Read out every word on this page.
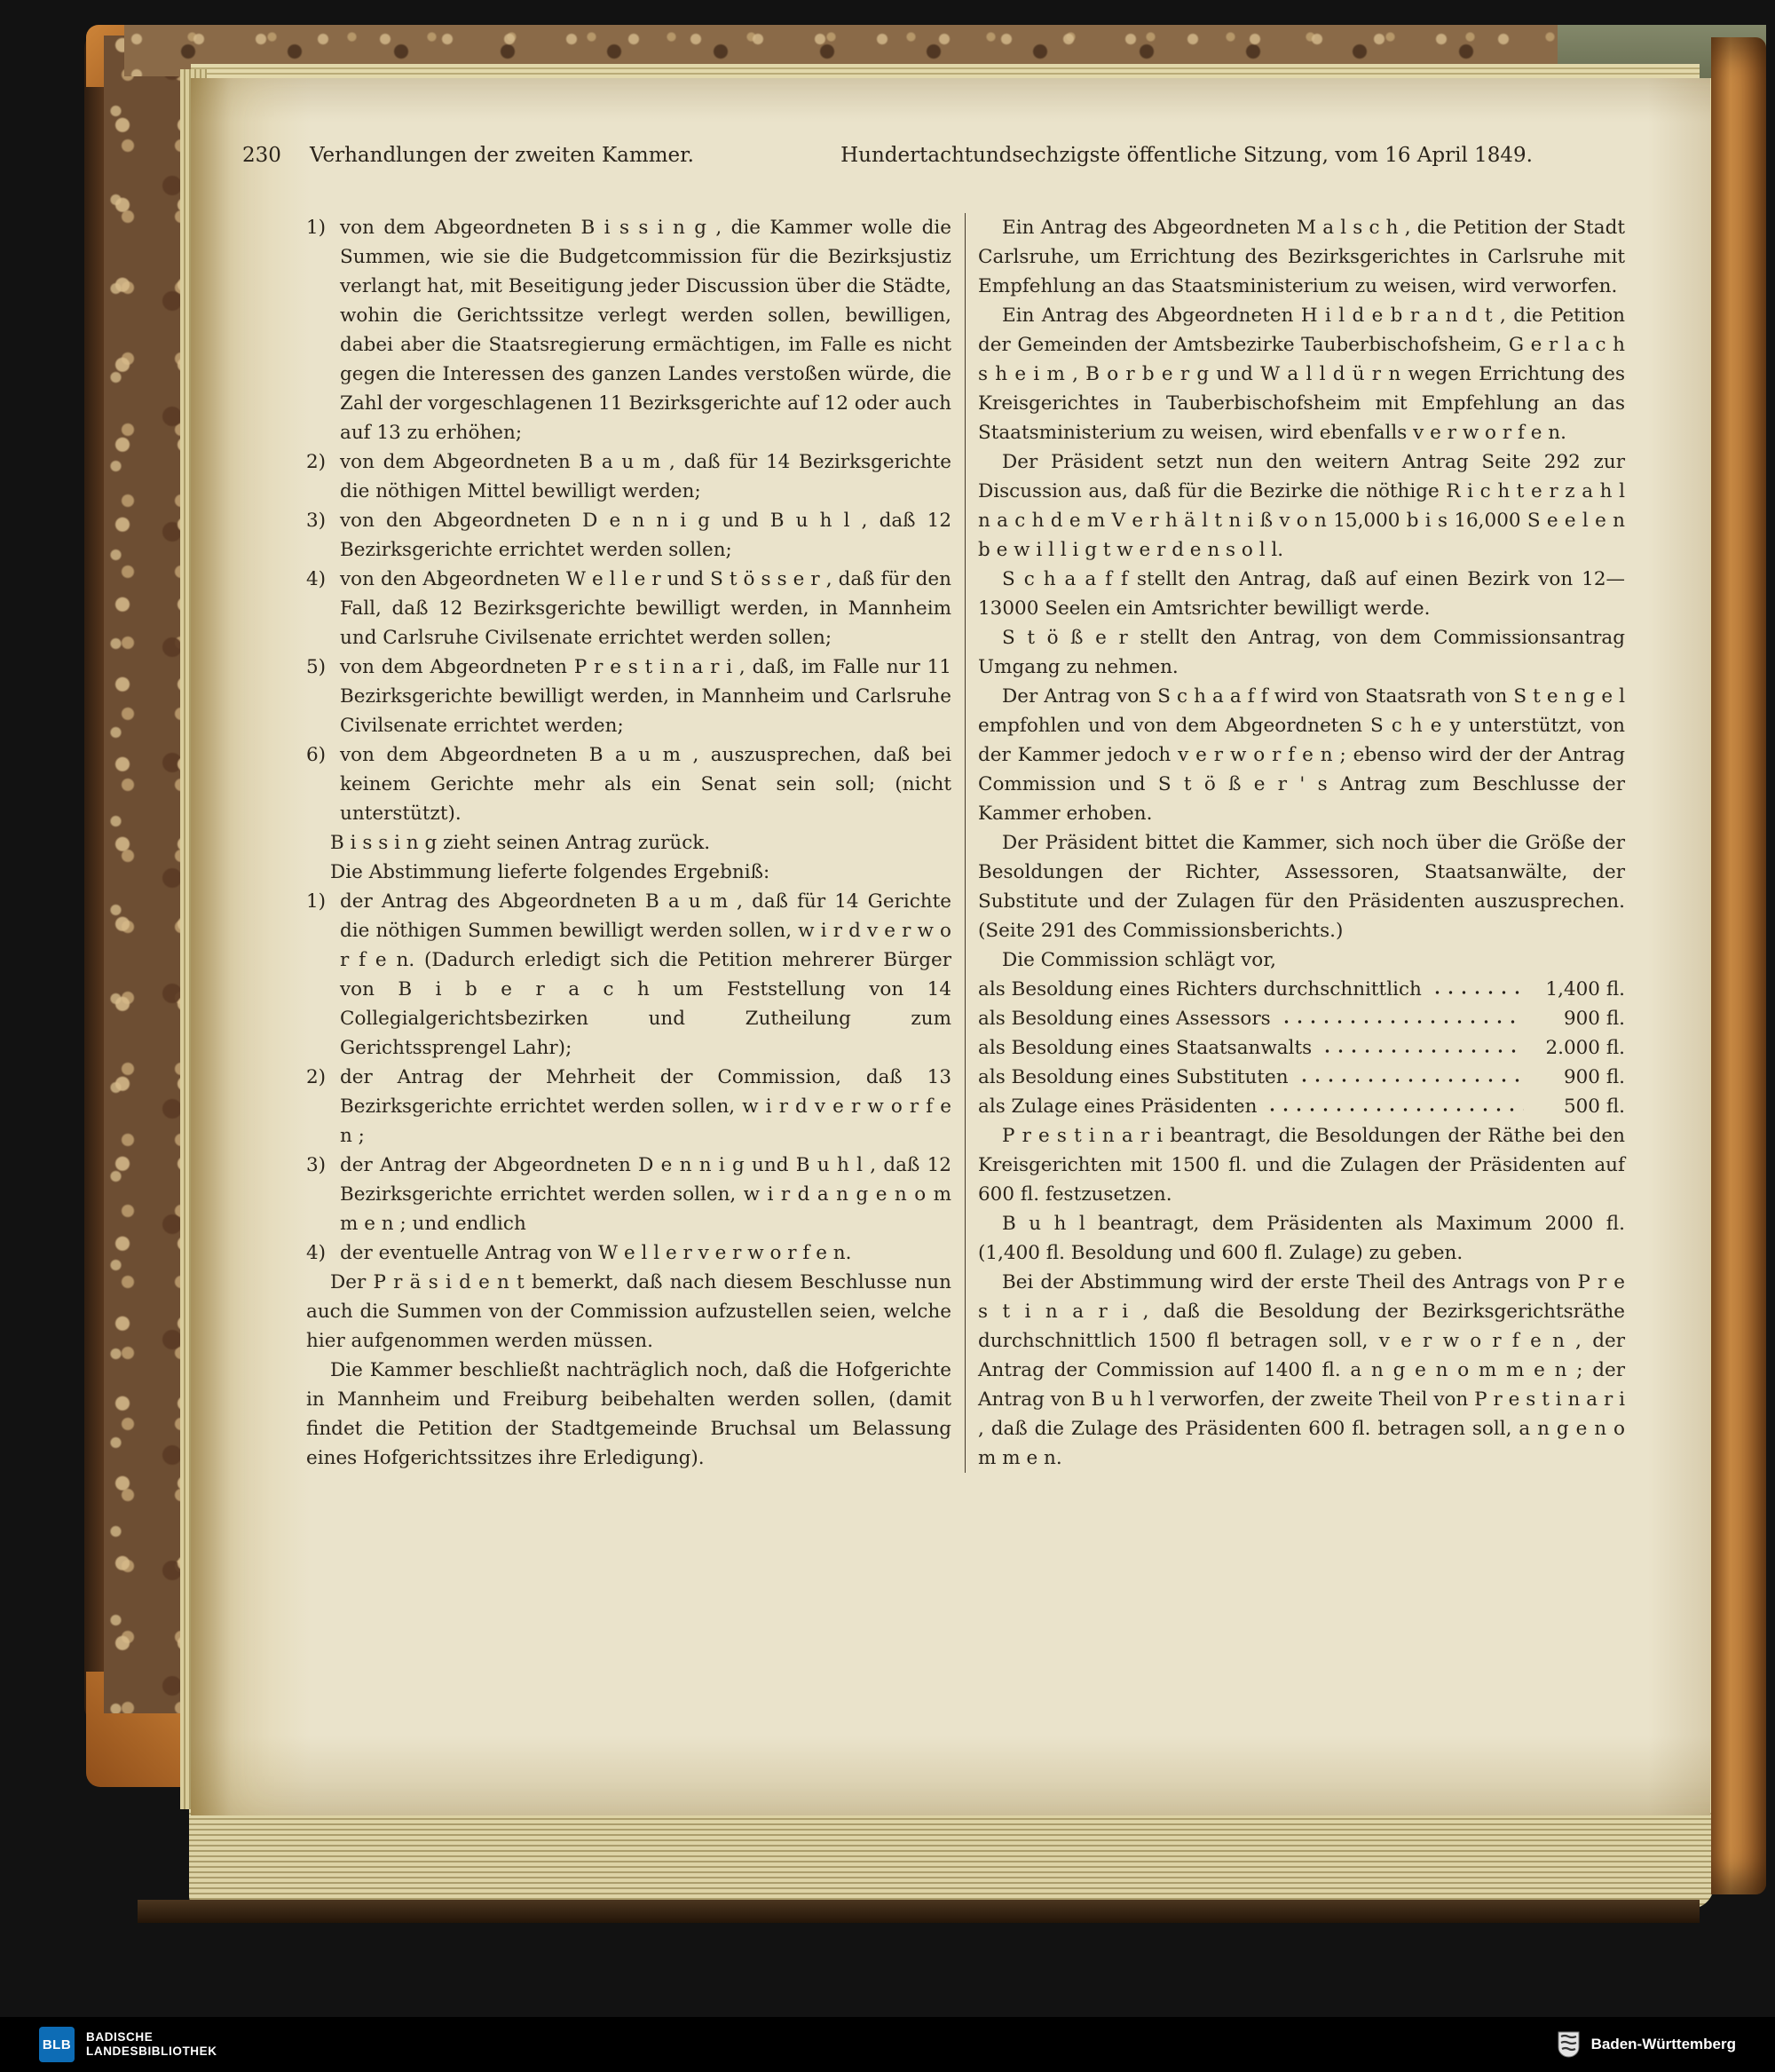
230	Verhandlungen der zweiten Kammer.	Hundertachtundsechzigste öffentliche Sitzung, vom 16 April 1849.
1) von dem Abgeordneten B i s s i n g , die Kammer wolle die Summen, wie sie die Budgetcommission für die Bezirksjustiz verlangt hat, mit Beseitigung jeder Discussion über die Städte, wohin die Gerichtssitze verlegt werden sollen, bewilligen, dabei aber die Staatsregierung ermächtigen, im Falle es nicht gegen die Interessen des ganzen Landes verstoßen würde, die Zahl der vorgeschlagenen 11 Bezirksgerichte auf 12 oder auch auf 13 zu erhöhen;
2) von dem Abgeordneten B a u m , daß für 14 Bezirksgerichte die nöthigen Mittel bewilligt werden;
3) von den Abgeordneten D e n n i g und B u h l , daß 12 Bezirksgerichte errichtet werden sollen;
4) von den Abgeordneten W e l l e r und S t ö s s e r , daß für den Fall, daß 12 Bezirksgerichte bewilligt werden, in Mannheim und Carlsruhe Civilsenate errichtet werden sollen;
5) von dem Abgeordneten P r e s t i n a r i , daß, im Falle nur 11 Bezirksgerichte bewilligt werden, in Mannheim und Carlsruhe Civilsenate errichtet werden;
6) von dem Abgeordneten B a u m , auszusprechen, daß bei keinem Gerichte mehr als ein Senat sein soll; (nicht unterstützt).
B i s s i n g zieht seinen Antrag zurück.
Die Abstimmung lieferte folgendes Ergebniß:
1) der Antrag des Abgeordneten B a u m , daß für 14 Gerichte die nöthigen Summen bewilligt werden sollen, w i r d v e r w o r f e n. (Dadurch erledigt sich die Petition mehrerer Bürger von B i b e r a c h um Feststellung von 14 Collegialgerichtsbezirken und Zutheilung zum Gerichtssprengel Lahr);
2) der Antrag der Mehrheit der Commission, daß 13 Bezirksgerichte errichtet werden sollen, w i r d v e r w o r f e n ;
3) der Antrag der Abgeordneten D e n n i g und B u h l , daß 12 Bezirksgerichte errichtet werden sollen, w i r d a n g e n o m m e n ; und endlich
4) der eventuelle Antrag von W e l l e r v e r w o r f e n.
Der P r ä s i d e n t bemerkt, daß nach diesem Beschlusse nun auch die Summen von der Commission aufzustellen seien, welche hier aufgenommen werden müssen.
Die Kammer beschließt nachträglich noch, daß die Hofgerichte in Mannheim und Freiburg beibehalten werden sollen, (damit findet die Petition der Stadtgemeinde Bruchsal um Belassung eines Hofgerichtssitzes ihre Erledigung).
Ein Antrag des Abgeordneten M a l s c h , die Petition der Stadt Carlsruhe, um Errichtung des Bezirksgerichtes in Carlsruhe mit Empfehlung an das Staatsministerium zu weisen, wird verworfen.
Ein Antrag des Abgeordneten H i l d e b r a n d t , die Petition der Gemeinden der Amtsbezirke Tauberbischofsheim, G e r l a c h s h e i m , B o r b e r g und W a l l d ü r n wegen Errichtung des Kreisgerichtes in Tauberbischofsheim mit Empfehlung an das Staatsministerium zu weisen, wird ebenfalls v e r w o r f e n.
Der Präsident setzt nun den weitern Antrag Seite 292 zur Discussion aus, daß für die Bezirke die nöthige R i c h t e r z a h l n a c h d e m V e r h ä l t n i ß v o n 15,000 b i s 16,000 S e e l e n b e w i l l i g t w e r d e n s o l l.
S c h a a f f stellt den Antrag, daß auf einen Bezirk von 12—13000 Seelen ein Amtsrichter bewilligt werde.
S t ö ß e r stellt den Antrag, von dem Commissionsantrag Umgang zu nehmen.
Der Antrag von S c h a a f f wird von Staatsrath von S t e n g e l empfohlen und von dem Abgeordneten S c h e y unterstützt, von der Kammer jedoch v e r w o r f e n ; ebenso wird der der Antrag Commission und S t ö ß e r ' s Antrag zum Beschlusse der Kammer erhoben.
Der Präsident bittet die Kammer, sich noch über die Größe der Besoldungen der Richter, Assessoren, Staatsanwälte, der Substitute und der Zulagen für den Präsidenten auszusprechen. (Seite 291 des Commissionsberichts.)
Die Commission schlägt vor,
als Besoldung eines Richters durchschnittlich	1,400 fl.
als Besoldung eines Assessors	900 fl.
als Besoldung eines Staatsanwalts	2.000 fl.
als Besoldung eines Substituten	900 fl.
als Zulage eines Präsidenten	500 fl.
P r e s t i n a r i beantragt, die Besoldungen der Räthe bei den Kreisgerichten mit 1500 fl. und die Zulagen der Präsidenten auf 600 fl. festzusetzen.
B u h l beantragt, dem Präsidenten als Maximum 2000 fl. (1,400 fl. Besoldung und 600 fl. Zulage) zu geben.
Bei der Abstimmung wird der erste Theil des Antrags von P r e s t i n a r i , daß die Besoldung der Bezirksgerichtsräthe durchschnittlich 1500 fl betragen soll, v e r w o r f e n , der Antrag der Commission auf 1400 fl. a n g e n o m m e n ; der Antrag von B u h l verworfen, der zweite Theil von P r e s t i n a r i , daß die Zulage des Präsidenten 600 fl. betragen soll, a n g e n o m m e n.
BLB BADISCHE
LANDESBIBLIOTHEK	Baden-Württemberg
